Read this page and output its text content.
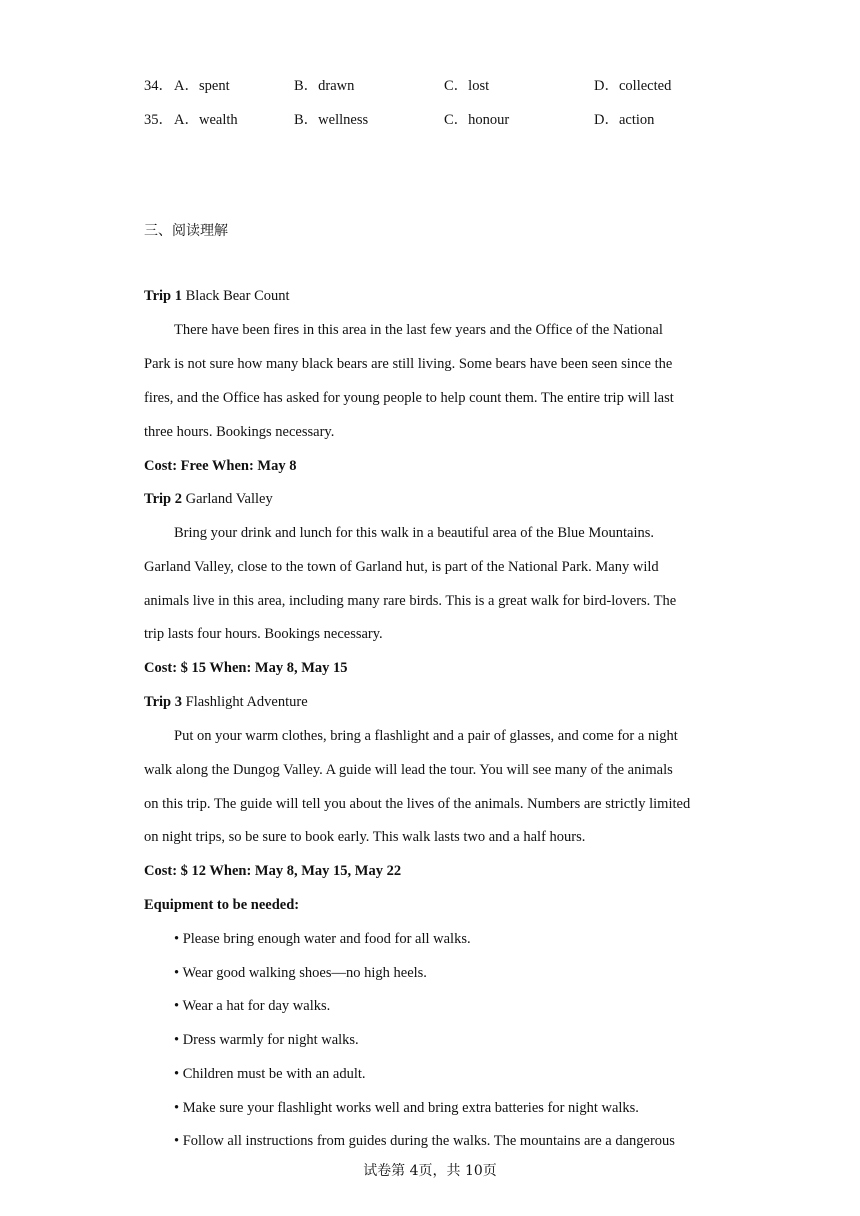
34． A．spent	B．drawn	C．lost	D．collected
35． A．wealth	B．wellness	C．honour	D．action
三、阅读理解
Trip 1 Black Bear Count
There have been fires in this area in the last few years and the Office of the National
Park is not sure how many black bears are still living. Some bears have been seen since the
fires, and the Office has asked for young people to help count them. The entire trip will last
three hours. Bookings necessary.
Cost: Free When: May 8
Trip 2 Garland Valley
Bring your drink and lunch for this walk in a beautiful area of the Blue Mountains.
Garland Valley, close to the town of Garland hut, is part of the National Park. Many wild
animals live in this area, including many rare birds. This is a great walk for bird-lovers. The
trip lasts four hours. Bookings necessary.
Cost: $ 15 When: May 8, May 15
Trip 3 Flashlight Adventure
Put on your warm clothes, bring a flashlight and a pair of glasses, and come for a night
walk along the Dungog Valley. A guide will lead the tour. You will see many of the animals
on this trip. The guide will tell you about the lives of the animals. Numbers are strictly limited
on night trips, so be sure to book early. This walk lasts two and a half hours.
Cost: $ 12 When: May 8, May 15, May 22
Equipment to be needed:
• Please bring enough water and food for all walks.
• Wear good walking shoes—no high heels.
• Wear a hat for day walks.
• Dress warmly for night walks.
• Children must be with an adult.
• Make sure your flashlight works well and bring extra batteries for night walks.
• Follow all instructions from guides during the walks. The mountains are a dangerous
试卷第 4页，共 10页
